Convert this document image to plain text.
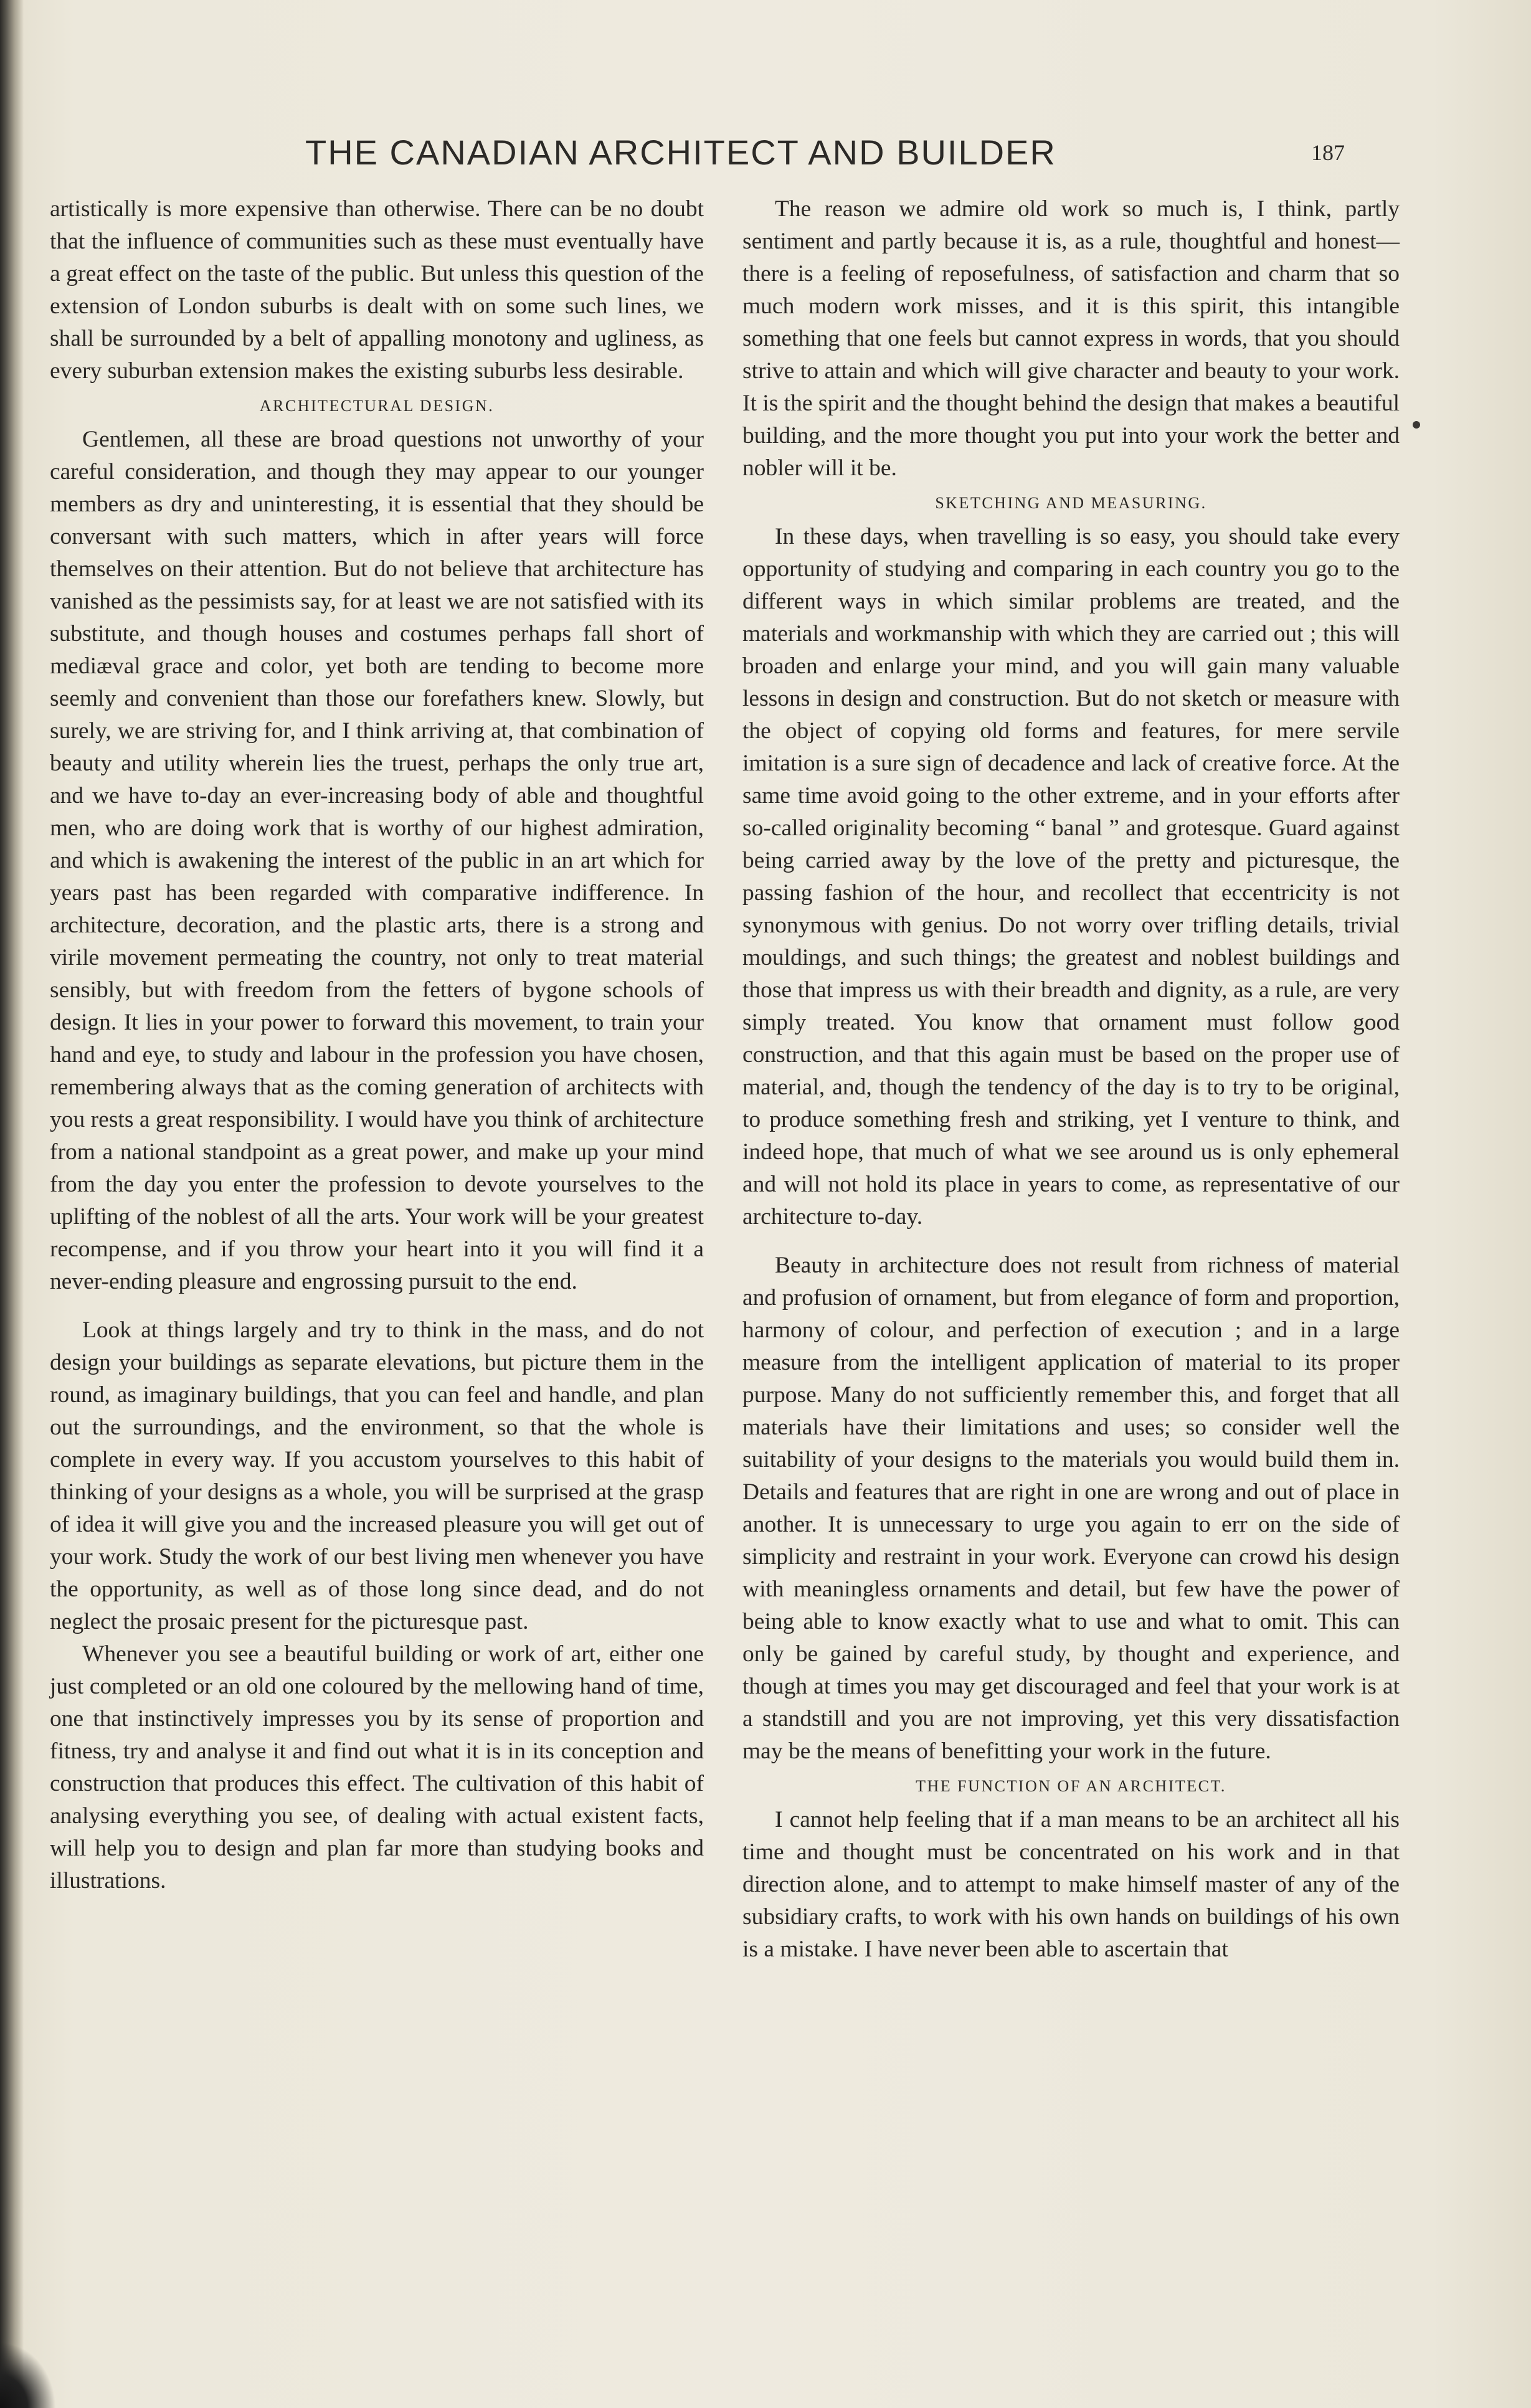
THE CANADIAN ARCHITECT AND BUILDER	187

artistically is more expensive than otherwise. There can be no doubt that the influence of communities such as these must eventually have a great effect on the taste of the public. But unless this question of the extension of London suburbs is dealt with on some such lines, we shall be surrounded by a belt of appalling monotony and ugliness, as every suburban extension makes the existing suburbs less desirable.

ARCHITECTURAL DESIGN.

Gentlemen, all these are broad questions not unworthy of your careful consideration, and though they may appear to our younger members as dry and uninteresting, it is essential that they should be conversant with such matters, which in after years will force themselves on their attention. But do not believe that architecture has vanished as the pessimists say, for at least we are not satisfied with its substitute, and though houses and costumes perhaps fall short of mediæval grace and color, yet both are tending to become more seemly and convenient than those our forefathers knew. Slowly, but surely, we are striving for, and I think arriving at, that combination of beauty and utility wherein lies the truest, perhaps the only true art, and we have to-day an ever-increasing body of able and thoughtful men, who are doing work that is worthy of our highest admiration, and which is awakening the interest of the public in an art which for years past has been regarded with comparative indifference. In architecture, decoration, and the plastic arts, there is a strong and virile movement permeating the country, not only to treat material sensibly, but with freedom from the fetters of bygone schools of design. It lies in your power to forward this movement, to train your hand and eye, to study and labour in the profession you have chosen, remembering always that as the coming generation of architects with you rests a great responsibility. I would have you think of architecture from a national standpoint as a great power, and make up your mind from the day you enter the profession to devote yourselves to the uplifting of the noblest of all the arts. Your work will be your greatest recompense, and if you throw your heart into it you will find it a never-ending pleasure and engrossing pursuit to the end.

Look at things largely and try to think in the mass, and do not design your buildings as separate elevations, but picture them in the round, as imaginary buildings, that you can feel and handle, and plan out the surroundings, and the environment, so that the whole is complete in every way. If you accustom yourselves to this habit of thinking of your designs as a whole, you will be surprised at the grasp of idea it will give you and the increased pleasure you will get out of your work. Study the work of our best living men whenever you have the opportunity, as well as of those long since dead, and do not neglect the prosaic present for the picturesque past.

Whenever you see a beautiful building or work of art, either one just completed or an old one coloured by the mellowing hand of time, one that instinctively impresses you by its sense of proportion and fitness, try and analyse it and find out what it is in its conception and construction that produces this effect. The cultivation of this habit of analysing everything you see, of dealing with actual existent facts, will help you to design and plan far more than studying books and illustrations.

The reason we admire old work so much is, I think, partly sentiment and partly because it is, as a rule, thoughtful and honest—there is a feeling of reposefulness, of satisfaction and charm that so much modern work misses, and it is this spirit, this intangible something that one feels but cannot express in words, that you should strive to attain and which will give character and beauty to your work. It is the spirit and the thought behind the design that makes a beautiful building, and the more thought you put into your work the better and nobler will it be.

SKETCHING AND MEASURING.

In these days, when travelling is so easy, you should take every opportunity of studying and comparing in each country you go to the different ways in which similar problems are treated, and the materials and workmanship with which they are carried out ; this will broaden and enlarge your mind, and you will gain many valuable lessons in design and construction. But do not sketch or measure with the object of copying old forms and features, for mere servile imitation is a sure sign of decadence and lack of creative force. At the same time avoid going to the other extreme, and in your efforts after so-called originality becoming “ banal ” and grotesque. Guard against being carried away by the love of the pretty and picturesque, the passing fashion of the hour, and recollect that eccentricity is not synonymous with genius. Do not worry over trifling details, trivial mouldings, and such things; the greatest and noblest buildings and those that impress us with their breadth and dignity, as a rule, are very simply treated. You know that ornament must follow good construction, and that this again must be based on the proper use of material, and, though the tendency of the day is to try to be original, to produce something fresh and striking, yet I venture to think, and indeed hope, that much of what we see around us is only ephemeral and will not hold its place in years to come, as representative of our architecture to-day.

Beauty in architecture does not result from richness of material and profusion of ornament, but from elegance of form and proportion, harmony of colour, and perfection of execution ; and in a large measure from the intelligent application of material to its proper purpose. Many do not sufficiently remember this, and forget that all materials have their limitations and uses; so consider well the suitability of your designs to the materials you would build them in. Details and features that are right in one are wrong and out of place in another. It is unnecessary to urge you again to err on the side of simplicity and restraint in your work. Everyone can crowd his design with meaningless ornaments and detail, but few have the power of being able to know exactly what to use and what to omit. This can only be gained by careful study, by thought and experience, and though at times you may get discouraged and feel that your work is at a standstill and you are not improving, yet this very dissatisfaction may be the means of benefitting your work in the future.

THE FUNCTION OF AN ARCHITECT.

I cannot help feeling that if a man means to be an architect all his time and thought must be concentrated on his work and in that direction alone, and to attempt to make himself master of any of the subsidiary crafts, to work with his own hands on buildings of his own is a mistake. I have never been able to ascertain that
